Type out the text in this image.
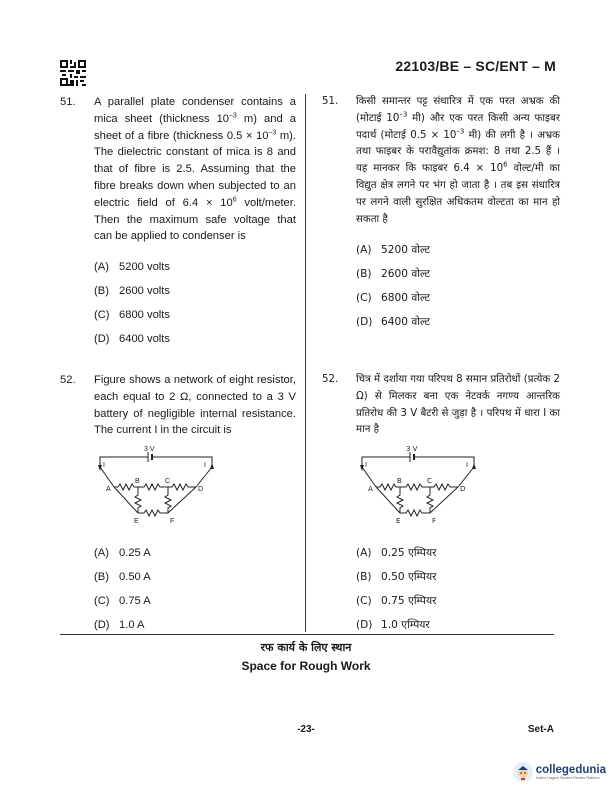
22103/BE – SC/ENT – M
51.	A parallel plate condenser contains a mica sheet (thickness $10^{-3}$ m) and a sheet of a fibre (thickness $0.5 \times 10^{-3}$ m). The dielectric constant of mica is 8 and that of fibre is 2.5. Assuming that the fibre breaks down when subjected to an electric field of $6.4 \times 10^6$ volt/meter. Then the maximum safe voltage that can be applied to condenser is
(A) 5200 volts
(B) 2600 volts
(C) 6800 volts
(D) 6400 volts
52.	Figure shows a network of eight resistor, each equal to 2 Ω, connected to a 3 V battery of negligible internal resistance. The current I in the circuit is
3 V
I	I
A
B	C
D
E	F
(A) 0.25 A
(B) 0.50 A
(C) 0.75 A
(D) 1.0 A
51.	किसी समान्तर पट्ट संधारित्र में एक परत अभ्रक की (मोटाई $10^{-3}$ मी) और एक परत किसी अन्य फाइबर पदार्थ (मोटाई $0.5 \times 10^{-3}$ मी) की लगी है । अभ्रक तथा फाइबर के परावैद्युतांक क्रमश: 8 तथा 2.5 हैं । यह मानकर कि फाइबर $6.4 \times 10^6$ वोल्ट/मी का विद्युत क्षेत्र लगने पर भंग हो जाता है । तब इस संधारित्र पर लगने वाली सुरक्षित अधिकतम वोल्टता का मान हो सकता है
(A) 5200 वोल्ट
(B) 2600 वोल्ट
(C) 6800 वोल्ट
(D) 6400 वोल्ट
52.	चित्र में दर्शाया गया परिपथ 8 समान प्रतिरोधों (प्रत्येक 2 Ω) से मिलकर बना एक नेटवर्क नगण्य आन्तरिक प्रतिरोध की 3 V बैटरी से जुड़ा है । परिपथ में धारा I का मान है
3 V
I	I
A
B	C
D
E	F
(A) 0.25 एम्पियर
(B) 0.50 एम्पियर
(C) 0.75 एम्पियर
(D) 1.0 एम्पियर
रफ कार्य के लिए स्थान
Space for Rough Work
-23-	Set-A
collegedunia
India's Largest Student Review Platform
